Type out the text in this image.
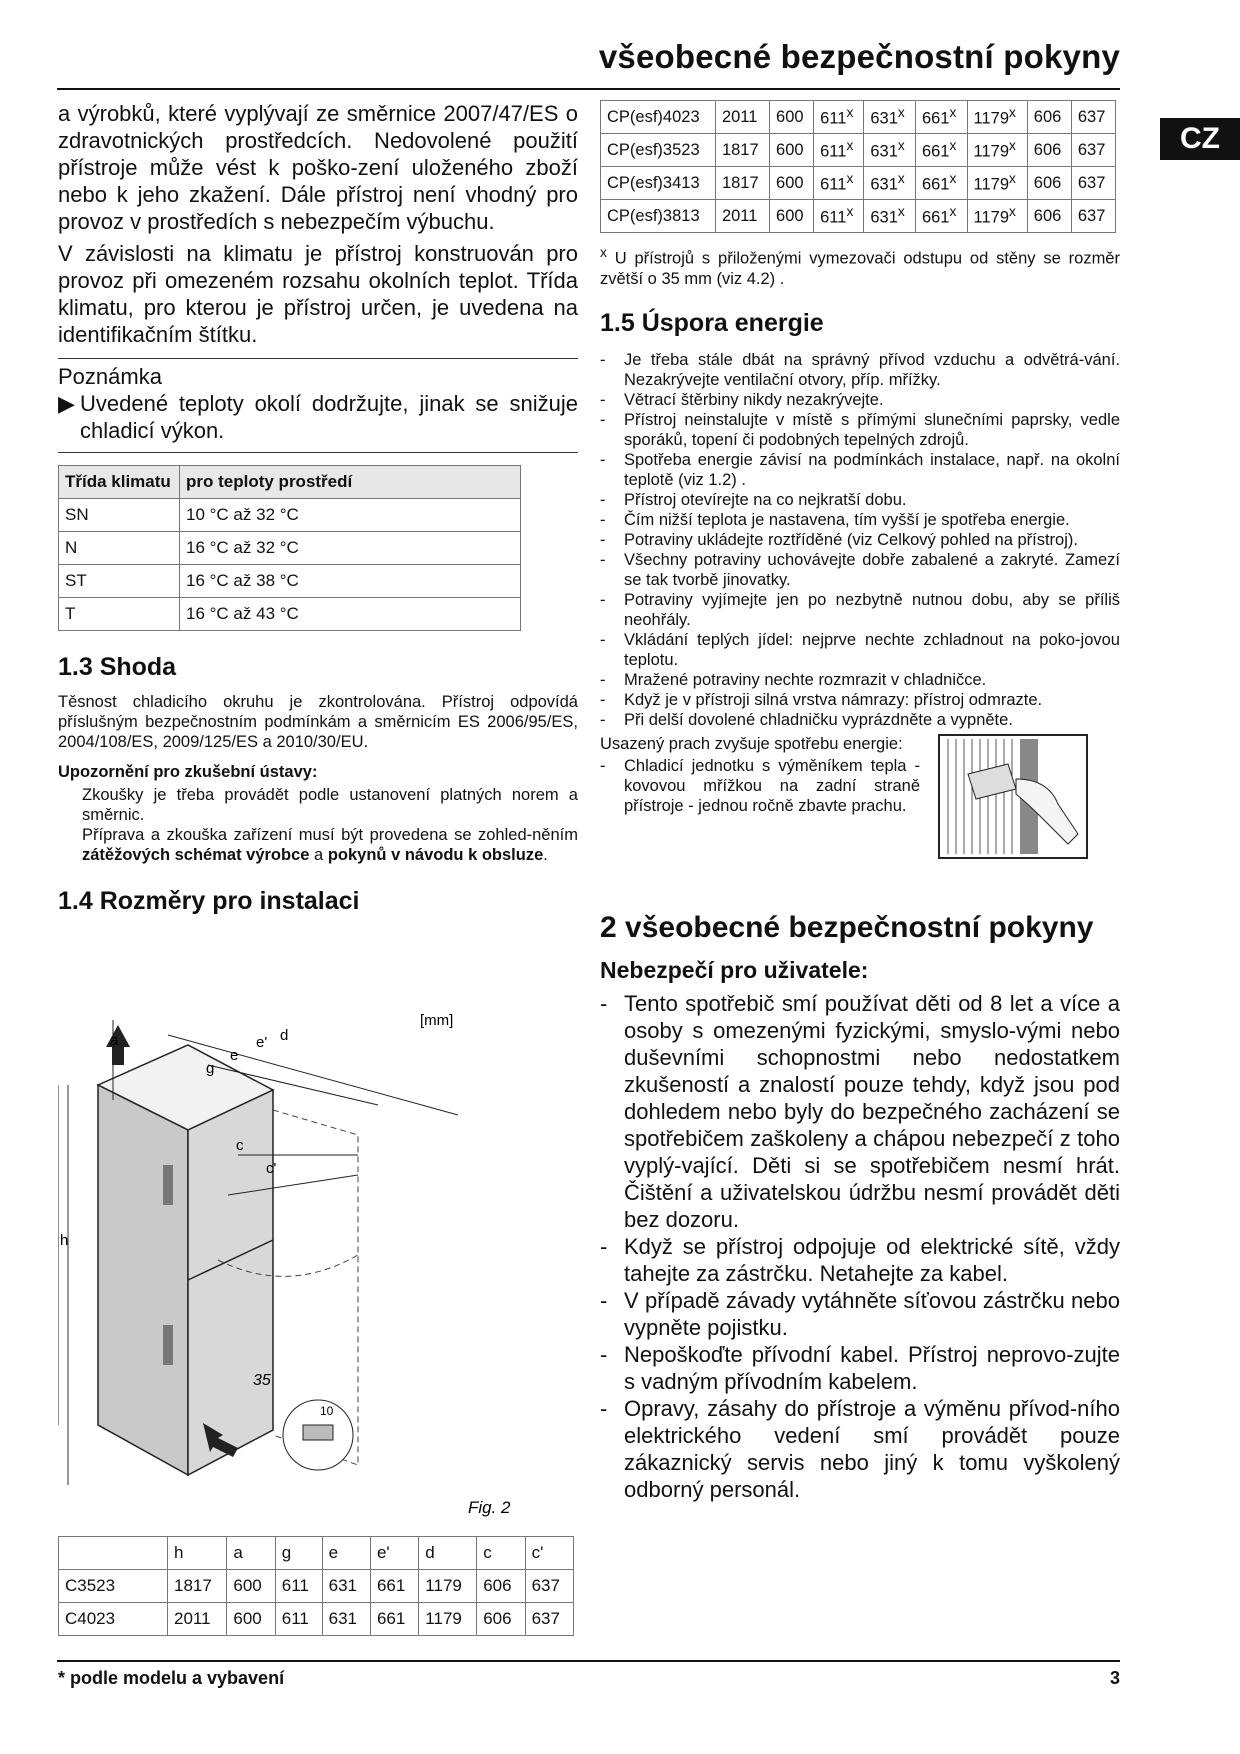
všeobecné bezpečnostní pokyny
CZ

a výrobků, které vyplývají ze směrnice 2007/47/ES o zdravotnických prostředcích. Nedovolené použití přístroje může vést k poško-zení uloženého zboží nebo k jeho zkažení. Dále přístroj není vhodný pro provoz v prostředích s nebezpečím výbuchu.

V závislosti na klimatu je přístroj konstruován pro provoz při omezeném rozsahu okolních teplot. Třída klimatu, pro kterou je přístroj určen, je uvedena na identifikačním štítku.

Poznámka
▶ Uvedené teploty okolí dodržujte, jinak se snižuje chladicí výkon.
Třída klimatu	pro teploty prostředí
SN	10 °C až 32 °C
N	16 °C až 32 °C
ST	16 °C až 38 °C
T	16 °C až 43 °C
1.3 Shoda

Těsnost chladicího okruhu je zkontrolována. Přístroj odpovídá příslušným bezpečnostním podmínkám a směrnicím ES 2006/95/ES, 2004/108/ES, 2009/125/ES a 2010/30/EU.

Upozornění pro zkušební ústavy:

Zkoušky je třeba provádět podle ustanovení platných norem a směrnic.

Příprava a zkouška zařízení musí být provedena se zohled-něním zátěžových schémat výrobce a pokynů v návodu k obsluze.

1.4 Rozměry pro instalaci
[mm]
a	d
e'
e
g
c
c'
h
35
10
Fig. 2
	h	a	g	e	e'	d	c	c'
C3523	1817	600	611	631	661	1179	606	637
C4023	2011	600	611	631	661	1179	606	637
CP(esf)4023	2011	600	611$^x$	631$^x$	661$^x$	1179$^x$	606	637
CP(esf)3523	1817	600	611$^x$	631$^x$	661$^x$	1179$^x$	606	637
CP(esf)3413	1817	600	611$^x$	631$^x$	661$^x$	1179$^x$	606	637
CP(esf)3813	2011	600	611$^x$	631$^x$	661$^x$	1179$^x$	606	637

$^x$ U přístrojů s přiloženými vymezovači odstupu od stěny se rozměr zvětší o 35 mm (viz 4.2) .

1.5 Úspora energie
- Je třeba stále dbát na správný přívod vzduchu a odvětrá-vání. Nezakrývejte ventilační otvory, příp. mřížky.
- Větrací štěrbiny nikdy nezakrývejte.
- Přístroj neinstalujte v místě s přímými slunečními paprsky, vedle sporáků, topení či podobných tepelných zdrojů.
- Spotřeba energie závisí na podmínkách instalace, např. na okolní teplotě (viz 1.2) .
- Přístroj otevírejte na co nejkratší dobu.
- Čím nižší teplota je nastavena, tím vyšší je spotřeba energie.
- Potraviny ukládejte roztříděné (viz Celkový pohled na přístroj).
- Všechny potraviny uchovávejte dobře zabalené a zakryté. Zamezí se tak tvorbě jinovatky.
- Potraviny vyjímejte jen po nezbytně nutnou dobu, aby se příliš neohřály.
- Vkládání teplých jídel: nejprve nechte zchladnout na poko-jovou teplotu.
- Mražené potraviny nechte rozmrazit v chladničce.
- Když je v přístroji silná vrstva námrazy: přístroj odmrazte.
- Při delší dovolené chladničku vyprázdněte a vypněte.
Usazený prach zvyšuje spotřebu energie:
- Chladicí jednotku s výměníkem tepla - kovovou mřížkou na zadní straně přístroje - jednou ročně zbavte prachu.
2 všeobecné bezpečnostní pokyny
Nebezpečí pro uživatele:
- Tento spotřebič smí používat děti od 8 let a více a osoby s omezenými fyzickými, smyslo-vými nebo duševními schopnostmi nebo nedostatkem zkušeností a znalostí pouze tehdy, když jsou pod dohledem nebo byly do bezpečného zacházení se spotřebičem zaškoleny a chápou nebezpečí z toho vyplý-vající. Děti si se spotřebičem nesmí hrát. Čištění a uživatelskou údržbu nesmí provádět děti bez dozoru.
- Když se přístroj odpojuje od elektrické sítě, vždy tahejte za zástrčku. Netahejte za kabel.
- V případě závady vytáhněte síťovou zástrčku nebo vypněte pojistku.
- Nepoškoďte přívodní kabel. Přístroj neprovo-zujte s vadným přívodním kabelem.
- Opravy, zásahy do přístroje a výměnu přívod-ního elektrického vedení smí provádět pouze zákaznický servis nebo jiný k tomu vyškolený odborný personál.
* podle modelu a vybavení	3
